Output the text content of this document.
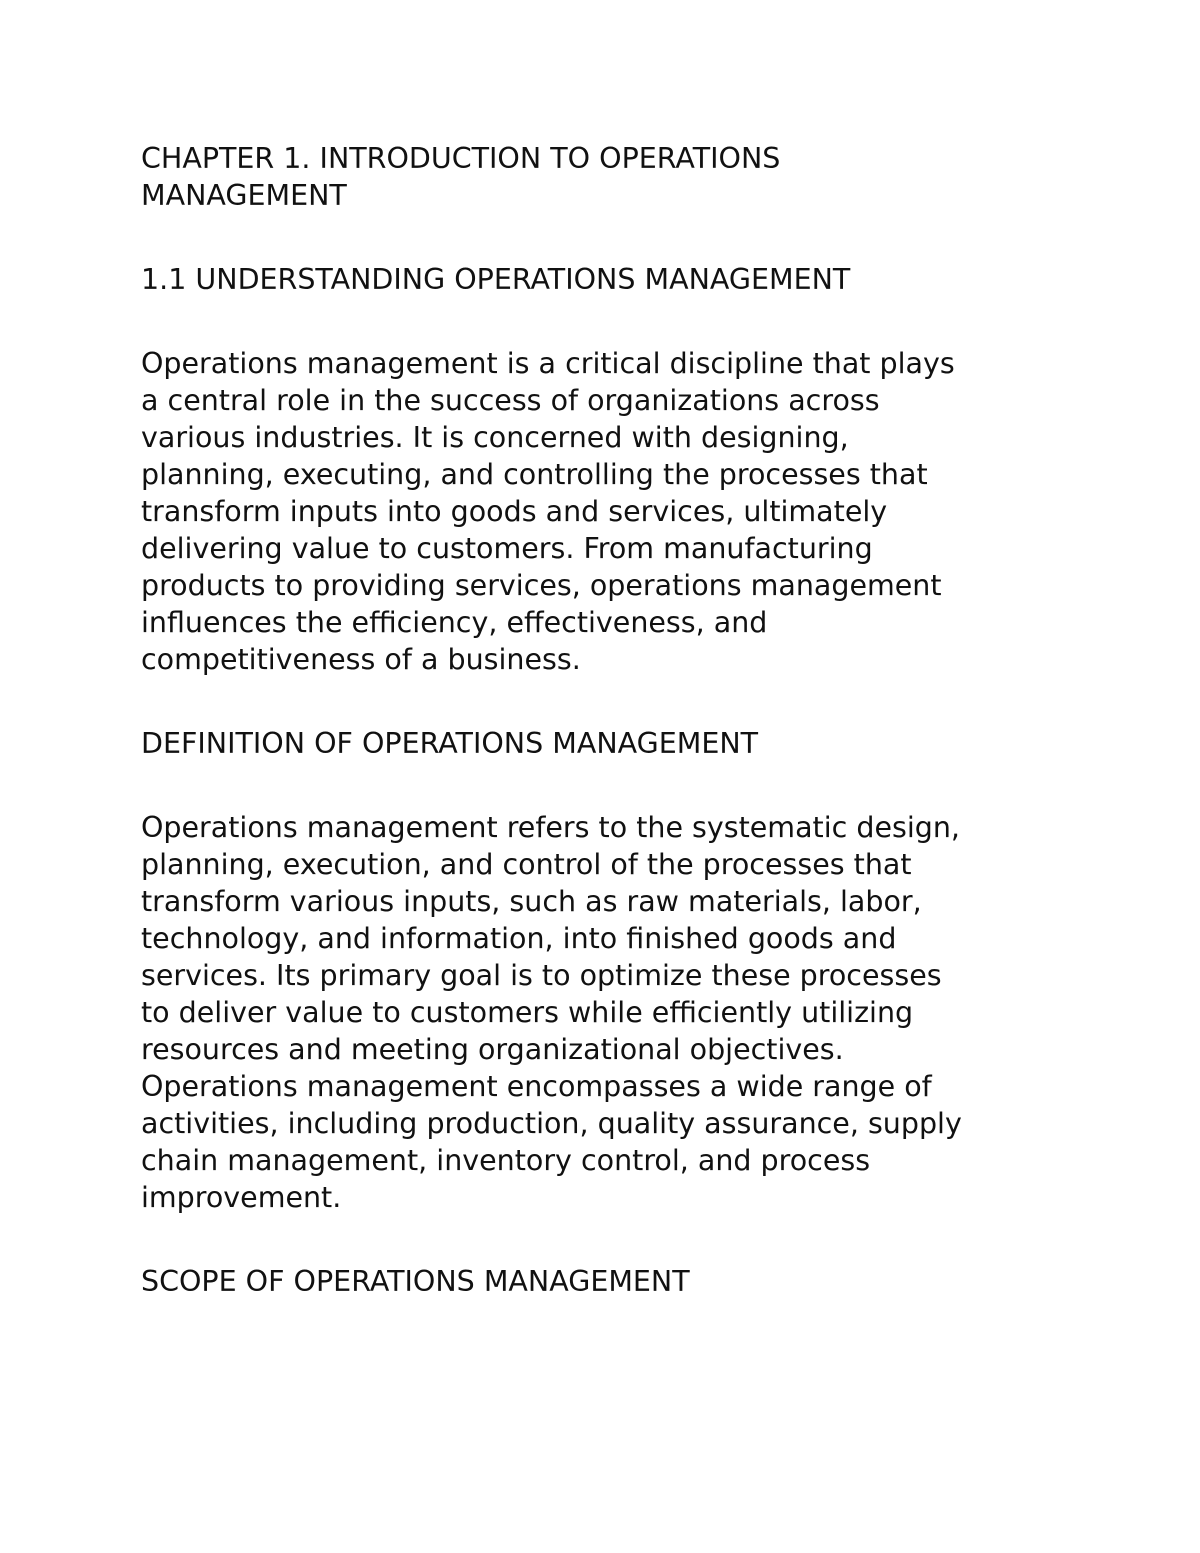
CHAPTER 1. INTRODUCTION TO OPERATIONS
MANAGEMENT
1.1 UNDERSTANDING OPERATIONS MANAGEMENT
Operations management is a critical discipline that plays
a central role in the success of organizations across
various industries. It is concerned with designing,
planning, executing, and controlling the processes that
transform inputs into goods and services, ultimately
delivering value to customers. From manufacturing
products to providing services, operations management
influences the efficiency, effectiveness, and
competitiveness of a business.
DEFINITION OF OPERATIONS MANAGEMENT
Operations management refers to the systematic design,
planning, execution, and control of the processes that
transform various inputs, such as raw materials, labor,
technology, and information, into finished goods and
services. Its primary goal is to optimize these processes
to deliver value to customers while efficiently utilizing
resources and meeting organizational objectives.
Operations management encompasses a wide range of
activities, including production, quality assurance, supply
chain management, inventory control, and process
improvement.
SCOPE OF OPERATIONS MANAGEMENT
